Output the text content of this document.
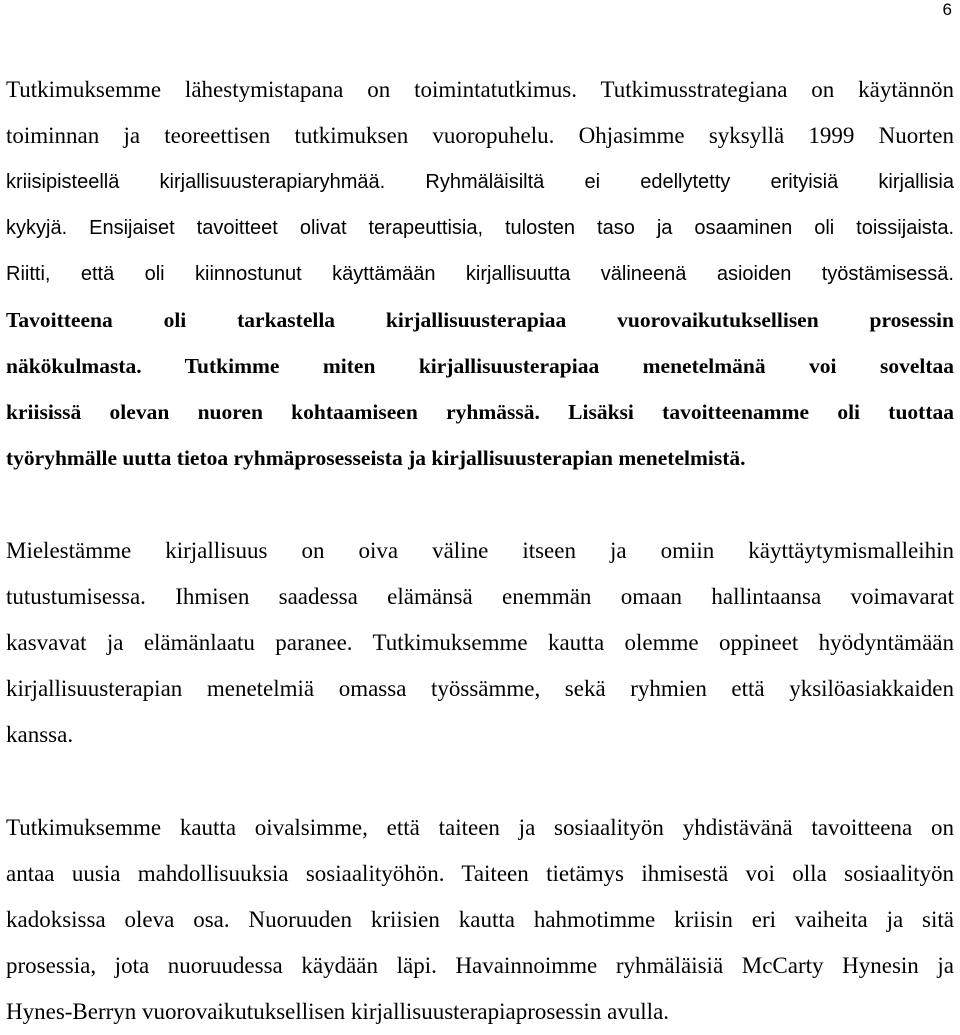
6
Tutkimuksemme lähestymistapana on toimintatutkimus. Tutkimusstrategiana on käytännön
toiminnan ja teoreettisen tutkimuksen vuoropuhelu. Ohjasimme syksyllä 1999 Nuorten
kriisipisteellä kirjallisuusterapiaryhmää. Ryhmäläisiltä ei edellytetty erityisiä kirjallisia
kykyjä. Ensijaiset tavoitteet olivat terapeuttisia, tulosten taso ja osaaminen oli toissijaista.
Riitti, että oli kiinnostunut käyttämään kirjallisuutta välineenä asioiden työstämisessä.
Tavoitteena oli tarkastella kirjallisuusterapiaa vuorovaikutuksellisen prosessin
näkökulmasta. Tutkimme miten kirjallisuusterapiaa menetelmänä voi soveltaa
kriisissä olevan nuoren kohtaamiseen ryhmässä. Lisäksi tavoitteenamme oli tuottaa
työryhmälle uutta tietoa ryhmäprosesseista ja kirjallisuusterapian menetelmistä.
Mielestämme kirjallisuus on oiva väline itseen ja omiin käyttäytymismalleihin
tutustumisessa. Ihmisen saadessa elämänsä enemmän omaan hallintaansa voimavarat
kasvavat ja elämänlaatu paranee. Tutkimuksemme kautta olemme oppineet hyödyntämään
kirjallisuusterapian menetelmiä omassa työssämme, sekä ryhmien että yksilöasiakkaiden
kanssa.
Tutkimuksemme kautta oivalsimme, että taiteen ja sosiaalityön yhdistävänä tavoitteena on
antaa uusia mahdollisuuksia sosiaalityöhön. Taiteen tietämys ihmisestä voi olla sosiaalityön
kadoksissa oleva osa. Nuoruuden kriisien kautta hahmotimme kriisin eri vaiheita ja sitä
prosessia, jota nuoruudessa käydään läpi. Havainnoimme ryhmäläisiä McCarty Hynesin ja
Hynes-Berryn vuorovaikutuksellisen kirjallisuusterapiaprosessin avulla.
